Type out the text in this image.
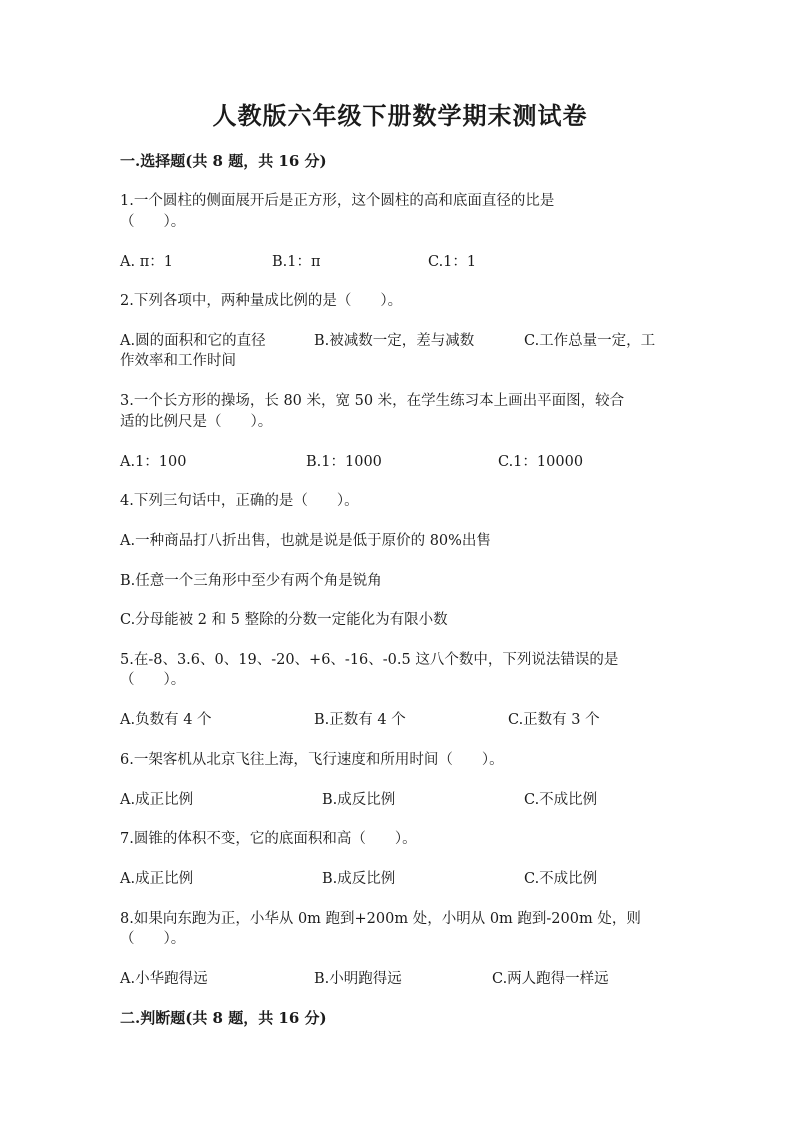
人教版六年级下册数学期末测试卷
一.选择题(共 8 题，共 16 分)
1.一个圆柱的侧面展开后是正方形，这个圆柱的高和底面直径的比是
（　　）。
A. π：1	B.1：π	C.1：1
2.下列各项中，两种量成比例的是（　　）。
A.圆的面积和它的直径	B.被减数一定，差与减数	C.工作总量一定，工
作效率和工作时间
3.一个长方形的操场，长 80 米，宽 50 米，在学生练习本上画出平面图，较合
适的比例尺是（　　）。
A.1：100	B.1：1000	C.1：10000
4.下列三句话中，正确的是（　　）。
A.一种商品打八折出售，也就是说是低于原价的 80%出售
B.任意一个三角形中至少有两个角是锐角
C.分母能被 2 和 5 整除的分数一定能化为有限小数
5.在-8、3.6、0、19、-20、+6、-16、-0.5 这八个数中，下列说法错误的是
（　　）。
A.负数有 4 个	B.正数有 4 个	C.正数有 3 个
6.一架客机从北京飞往上海，飞行速度和所用时间（　　）。
A.成正比例	B.成反比例	C.不成比例
7.圆锥的体积不变，它的底面积和高（　　）。
A.成正比例	B.成反比例	C.不成比例
8.如果向东跑为正，小华从 0m 跑到+200m 处，小明从 0m 跑到-200m 处，则
（　　）。
A.小华跑得远	B.小明跑得远	C.两人跑得一样远
二.判断题(共 8 题，共 16 分)
